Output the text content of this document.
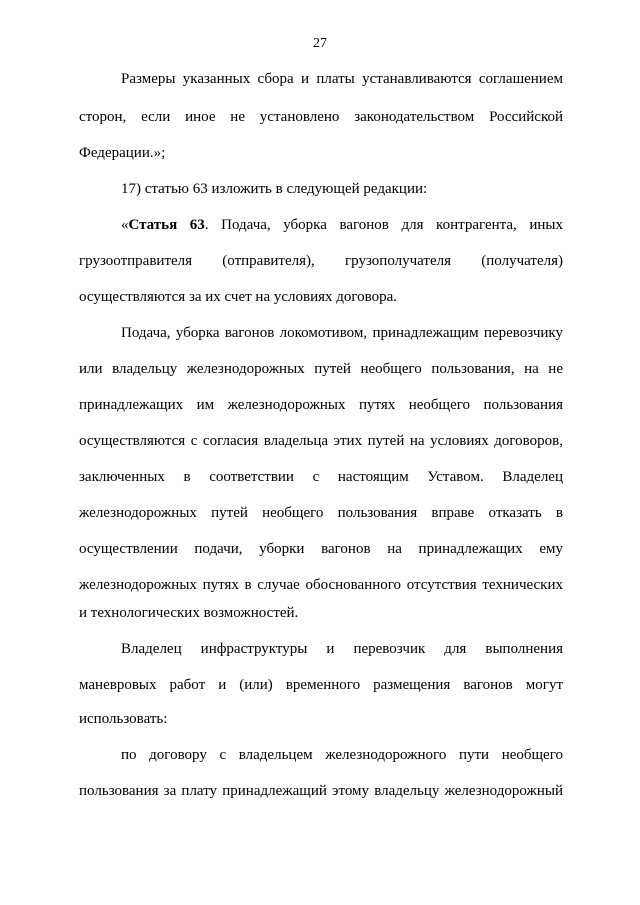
27
Размеры указанных сбора и платы устанавливаются соглашением
сторон, если иное не установлено законодательством Российской
Федерации.»;
17) статью 63 изложить в следующей редакции:
«Статья 63. Подача, уборка вагонов для контрагента, иных
грузоотправителя (отправителя), грузополучателя (получателя)
осуществляются за их счет на условиях договора.
Подача, уборка вагонов локомотивом, принадлежащим перевозчику
или владельцу железнодорожных путей необщего пользования, на не
принадлежащих им железнодорожных путях необщего пользования
осуществляются с согласия владельца этих путей на условиях договоров,
заключенных в соответствии с настоящим Уставом. Владелец
железнодорожных путей необщего пользования вправе отказать в
осуществлении подачи, уборки вагонов на принадлежащих ему
железнодорожных путях в случае обоснованного отсутствия технических
и технологических возможностей.
Владелец инфраструктуры и перевозчик для выполнения
маневровых работ и (или) временного размещения вагонов могут
использовать:
по договору с владельцем железнодорожного пути необщего
пользования за плату принадлежащий этому владельцу железнодорожный
